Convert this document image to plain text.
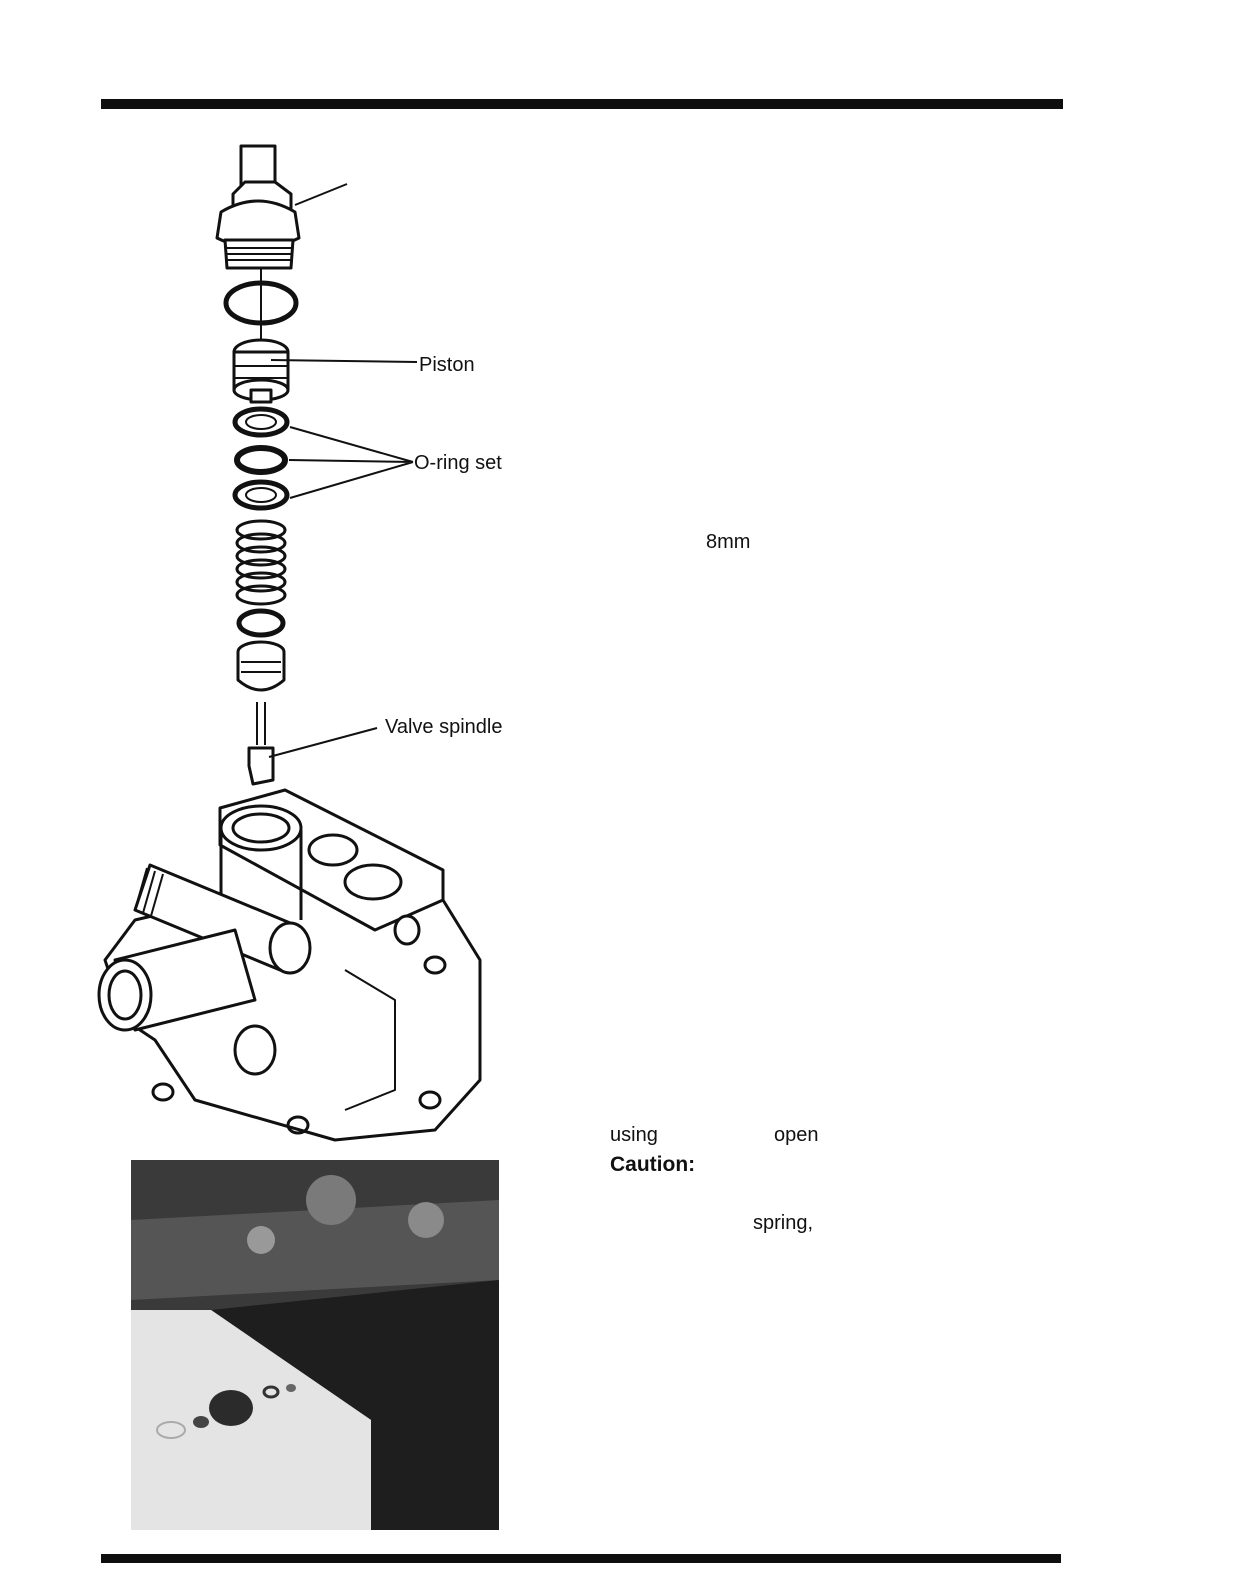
Piston
O-ring set
Valve spindle
8mm
using	open
Caution:
spring,
